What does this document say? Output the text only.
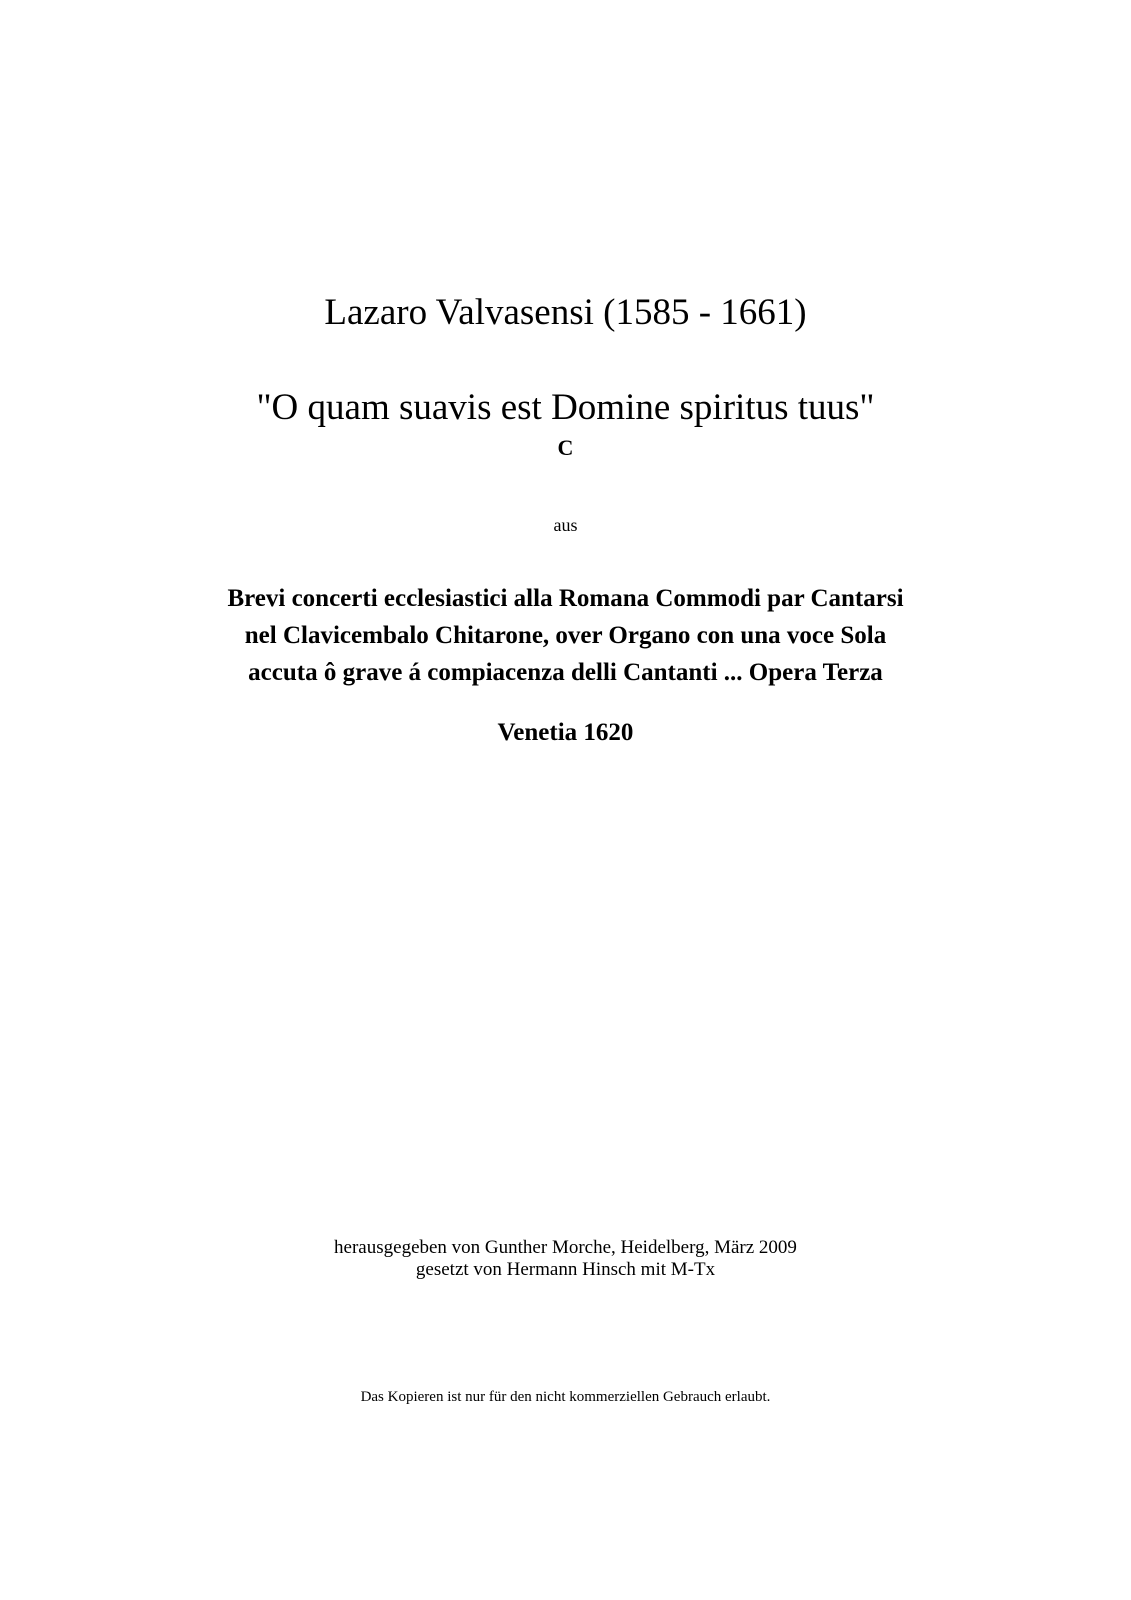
Lazaro Valvasensi (1585 - 1661)
"O quam suavis est Domine spiritus tuus"
C
aus
Brevi concerti ecclesiastici alla Romana Commodi par Cantarsi
nel Clavicembalo Chitarone, over Organo con una voce Sola
accuta ô grave á compiacenza delli Cantanti ... Opera Terza
Venetia 1620
herausgegeben von Gunther Morche, Heidelberg, März 2009
gesetzt von Hermann Hinsch mit M-Tx
Das Kopieren ist nur für den nicht kommerziellen Gebrauch erlaubt.
